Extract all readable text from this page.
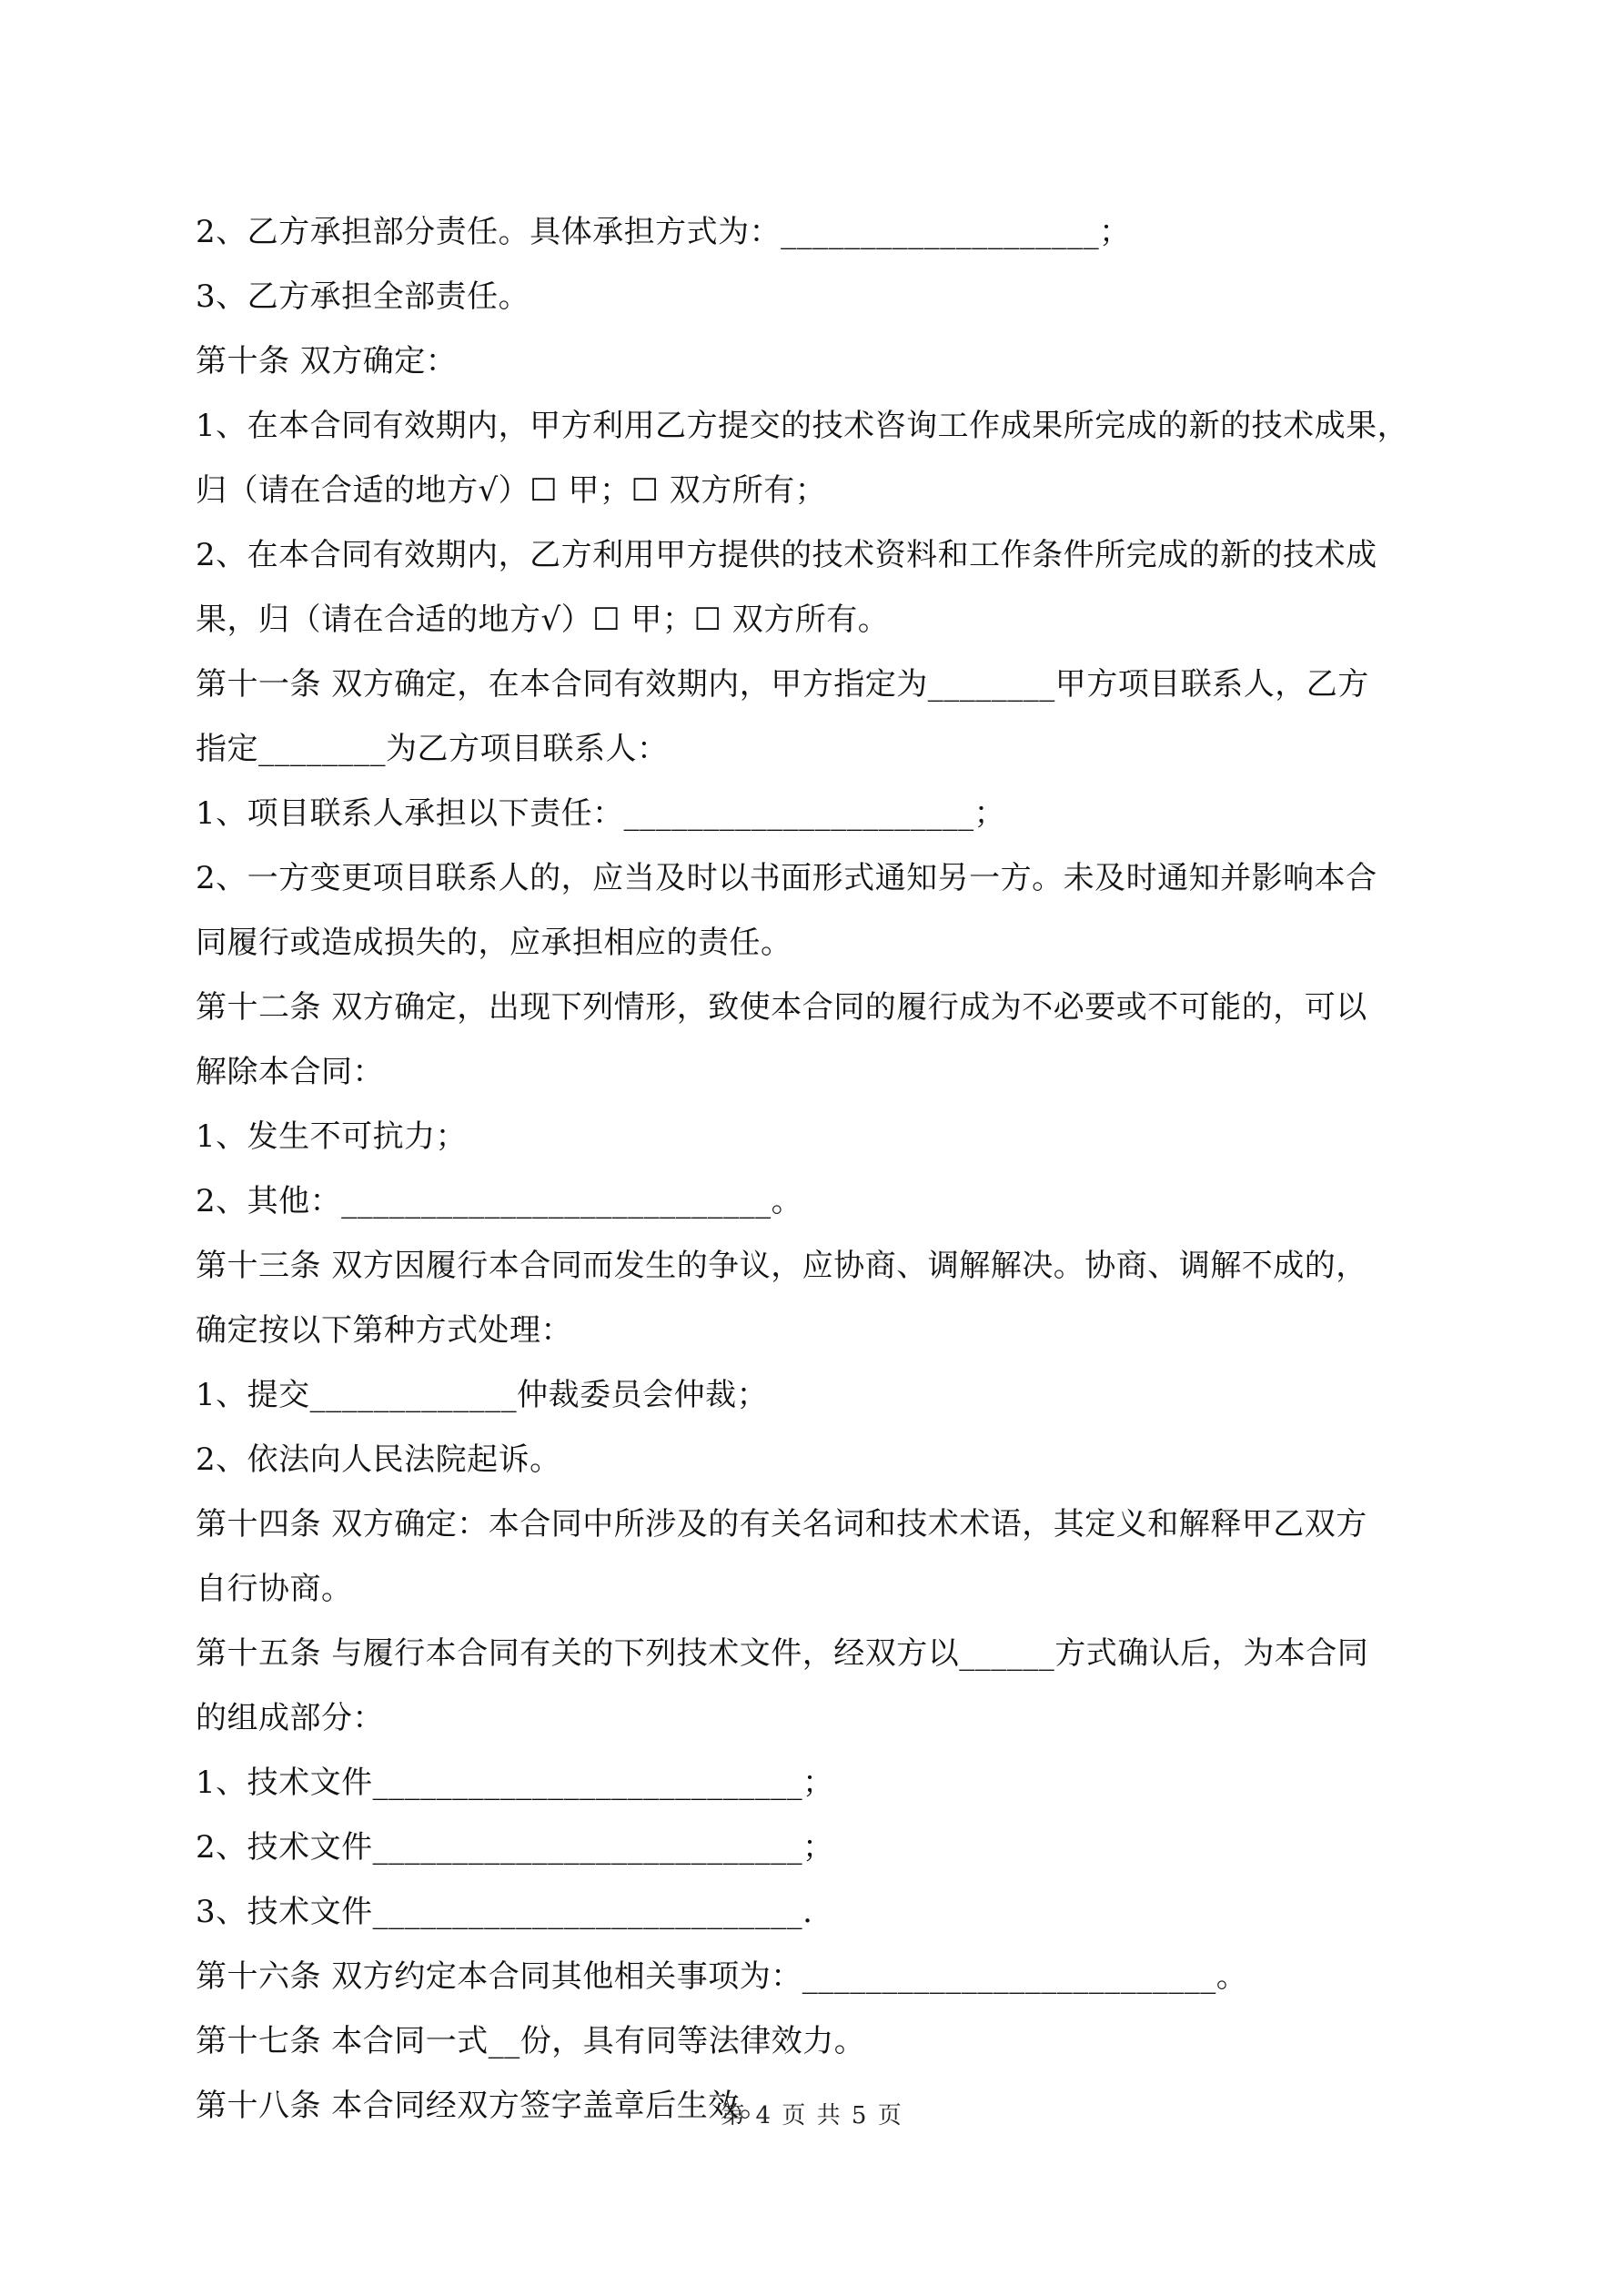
2、乙方承担部分责任。具体承担方式为：____________________；
3、乙方承担全部责任。
第十条 双方确定：
1、在本合同有效期内，甲方利用乙方提交的技术咨询工作成果所完成的新的技术成果，
归（请在合适的地方√）☐ 甲；☐ 双方所有；
2、在本合同有效期内，乙方利用甲方提供的技术资料和工作条件所完成的新的技术成
果，归（请在合适的地方√）☐ 甲；☐ 双方所有。
第十一条 双方确定，在本合同有效期内，甲方指定为________甲方项目联系人，乙方
指定________为乙方项目联系人：
1、项目联系人承担以下责任：______________________；
2、一方变更项目联系人的，应当及时以书面形式通知另一方。未及时通知并影响本合
同履行或造成损失的，应承担相应的责任。
第十二条 双方确定，出现下列情形，致使本合同的履行成为不必要或不可能的，可以
解除本合同：
1、发生不可抗力；
2、其他：___________________________。
第十三条 双方因履行本合同而发生的争议，应协商、调解解决。协商、调解不成的，
确定按以下第种方式处理：
1、提交_____________仲裁委员会仲裁；
2、依法向人民法院起诉。
第十四条 双方确定：本合同中所涉及的有关名词和技术术语，其定义和解释甲乙双方
自行协商。
第十五条 与履行本合同有关的下列技术文件，经双方以______方式确认后，为本合同
的组成部分：
1、技术文件___________________________；
2、技术文件___________________________；
3、技术文件___________________________.
第十六条 双方约定本合同其他相关事项为：__________________________。
第十七条 本合同一式__份，具有同等法律效力。
第十八条 本合同经双方签字盖章后生效。
第 4 页 共 5 页
